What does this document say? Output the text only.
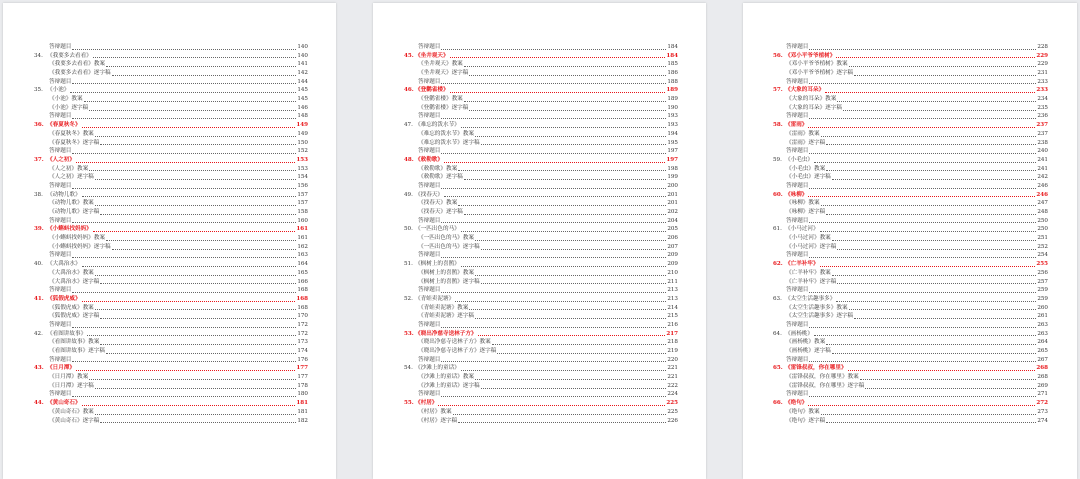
答辩题目	140
34. 《我要多去看看》	140
《我要多去看看》教案	141
《我要多去看看》逐字稿	142
答辩题目	144
35. 《小池》	145
《小池》教案	145
《小池》逐字稿	146
答辩题目	148
36. 《春夏秋冬》	149
《春夏秋冬》教案	149
《春夏秋冬》逐字稿	150
答辩题目	152
37. 《人之初》	153
《人之初》教案	153
《人之初》逐字稿	154
答辩题目	156
38. 《动物儿歌》	157
《动物儿歌》教案	157
《动物儿歌》逐字稿	158
答辩题目	160
39. 《小蝌蚪找妈妈》	161
《小蝌蚪找妈妈》教案	161
《小蝌蚪找妈妈》逐字稿	162
答辩题目	163
40. 《大禹治水》	164
《大禹治水》教案	165
《大禹治水》逐字稿	166
答辩题目	168
41. 《狐假虎威》	168
《狐假虎威》教案	168
《狐假虎威》逐字稿	170
答辩题目	172
42. 《看图讲故事》	172
《看图讲故事》教案	173
《看图讲故事》逐字稿	174
答辩题目	176
43. 《日月潭》	177
《日月潭》教案	177
《日月潭》逐字稿	178
答辩题目	180
44. 《黄山奇石》	181
《黄山奇石》教案	181
《黄山奇石》逐字稿	182
答辩题目	184
45. 《坐井观天》	184
《坐井观天》教案	185
《坐井观天》逐字稿	186
答辩题目	188
46. 《登鹳雀楼》	189
《登鹳雀楼》教案	189
《登鹳雀楼》逐字稿	190
答辩题目	193
47. 《难忘的泼水节》	193
《难忘的泼水节》教案	194
《难忘的泼水节》逐字稿	195
答辩题目	197
48. 《敕勒歌》	197
《敕勒歌》教案	198
《敕勒歌》逐字稿	199
答辩题目	200
49. 《找春天》	201
《找春天》教案	201
《找春天》逐字稿	202
答辩题目	204
50. 《一匹出色的马》	205
《一匹出色的马》教案	206
《一匹出色的马》逐字稿	207
答辩题目	209
51. 《枫树上的喜鹊》	209
《枫树上的喜鹊》教案	210
《枫树上的喜鹊》逐字稿	211
答辩题目	213
52. 《青蛙卖泥塘》	213
《青蛙卖泥塘》教案	214
《青蛙卖泥塘》逐字稿	215
答辩题目	216
53. 《晓出净慈寺送林子方》	217
《晓出净慈寺送林子方》教案	218
《晓出净慈寺送林子方》逐字稿	219
答辩题目	220
54. 《沙滩上的童话》	221
《沙滩上的童话》教案	221
《沙滩上的童话》逐字稿	222
答辩题目	224
55. 《村居》	225
《村居》教案	225
《村居》逐字稿	226
答辩题目	228
56. 《邓小平爷爷植树》	229
《邓小平爷爷植树》教案	229
《邓小平爷爷植树》逐字稿	231
答辩题目	233
57. 《大象的耳朵》	233
《大象的耳朵》教案	234
《大象的耳朵》逐字稿	235
答辩题目	236
58. 《雷雨》	237
《雷雨》教案	237
《雷雨》逐字稿	238
答辩题目	240
59. 《小毛虫》	241
《小毛虫》教案	241
《小毛虫》逐字稿	242
答辩题目	246
60. 《咏柳》	246
《咏柳》教案	247
《咏柳》逐字稿	248
答辩题目	250
61. 《小马过河》	250
《小马过河》教案	251
《小马过河》逐字稿	252
答辩题目	254
62. 《亡羊补牢》	255
《亡羊补牢》教案	256
《亡羊补牢》逐字稿	257
答辩题目	259
63. 《太空生活趣事多》	259
《太空生活趣事多》教案	260
《太空生活趣事多》逐字稿	261
答辩题目	263
64. 《画杨桃》	263
《画杨桃》教案	264
《画杨桃》逐字稿	265
答辩题目	267
65. 《雷锋叔叔，你在哪里》	268
《雷锋叔叔，你在哪里》教案	268
《雷锋叔叔，你在哪里》逐字稿	269
答辩题目	271
66. 《绝句》	272
《绝句》教案	273
《绝句》逐字稿	274
